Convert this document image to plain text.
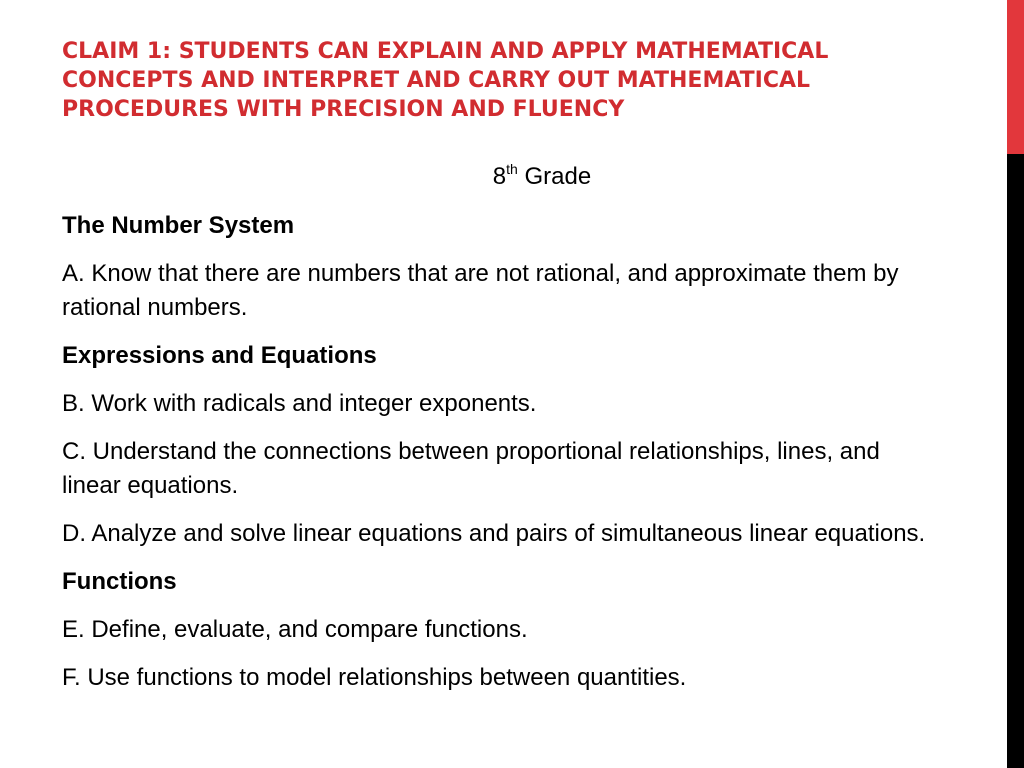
CLAIM 1: STUDENTS CAN EXPLAIN AND APPLY MATHEMATICAL CONCEPTS AND INTERPRET AND CARRY OUT MATHEMATICAL PROCEDURES WITH PRECISION AND FLUENCY

8th Grade

The Number System

A. Know that there are numbers that are not rational, and approximate them by rational numbers.

Expressions and Equations

B. Work with radicals and integer exponents.

C. Understand the connections between proportional relationships, lines, and linear equations.

D. Analyze and solve linear equations and pairs of simultaneous linear equations.

Functions

E. Define, evaluate, and compare functions.

F. Use functions to model relationships between quantities.
